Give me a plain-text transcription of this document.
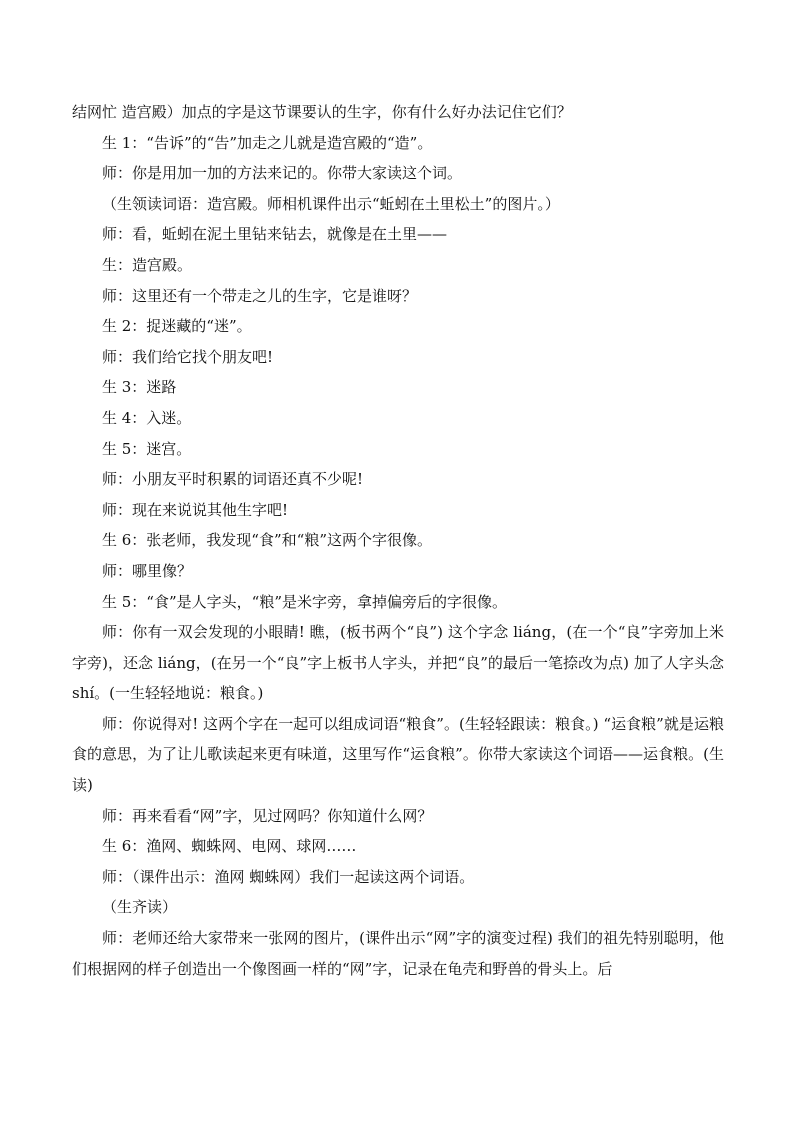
结网忙 造宫殿）加点的字是这节课要认的生字，你有什么好办法记住它们？

生 1：“告诉”的“告”加走之儿就是造宫殿的“造”。

师：你是用加一加的方法来记的。你带大家读这个词。

（生领读词语：造宫殿。师相机课件出示“蚯蚓在土里松土”的图片。）

师：看，蚯蚓在泥土里钻来钻去，就像是在土里——

生：造宫殿。

师：这里还有一个带走之儿的生字，它是谁呀？

生 2：捉迷藏的“迷”。

师：我们给它找个朋友吧!

生 3：迷路

生 4：入迷。

生 5：迷宫。

师：小朋友平时积累的词语还真不少呢!

师：现在来说说其他生字吧!

生 6：张老师，我发现“食”和“粮”这两个字很像。

师：哪里像？

生 5：“食”是人字头，“粮”是米字旁，拿掉偏旁后的字很像。

师：你有一双会发现的小眼睛! 瞧，(板书两个“良”) 这个字念 liáng，(在一个“良”字旁加上米字旁)，还念 liáng，(在另一个“良”字上板书人字头，并把“良”的最后一笔捺改为点) 加了人字头念 shí。(一生轻轻地说：粮食。)

师：你说得对! 这两个字在一起可以组成词语“粮食”。(生轻轻跟读：粮食。) “运食粮”就是运粮食的意思，为了让儿歌读起来更有味道，这里写作“运食粮”。你带大家读这个词语——运食粮。(生读)

师：再来看看“网”字，见过网吗？你知道什么网？

生 6：渔网、蜘蛛网、电网、球网……

师：（课件出示：渔网 蜘蛛网）我们一起读这两个词语。

（生齐读）

师：老师还给大家带来一张网的图片，(课件出示“网”字的演变过程) 我们的祖先特别聪明，他们根据网的样子创造出一个像图画一样的“网”字，记录在龟壳和野兽的骨头上。后
